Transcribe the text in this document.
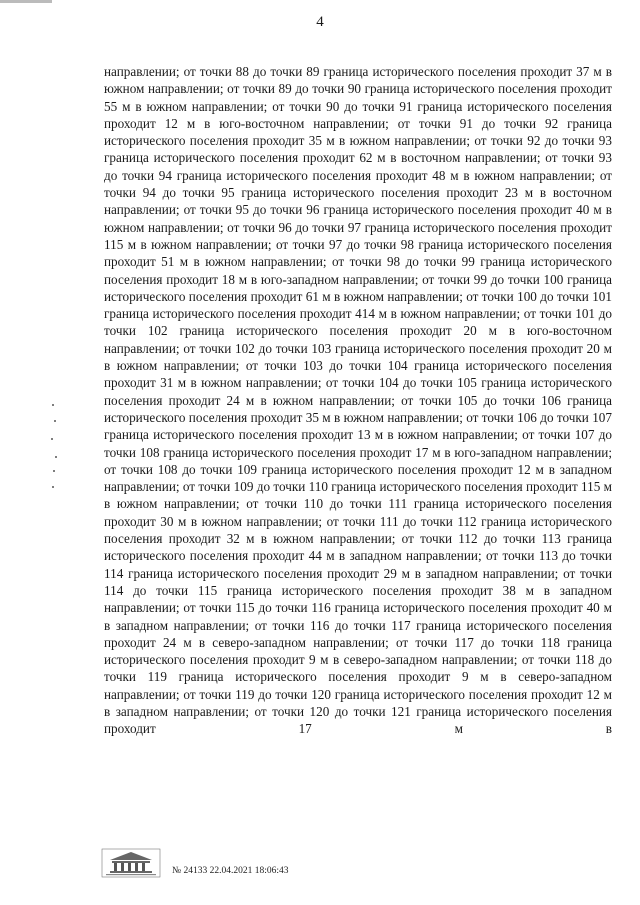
4

направлении; от точки 88 до точки 89 граница исторического поселения проходит 37 м в южном направлении; от точки 89 до точки 90 граница исторического поселения проходит 55 м в южном направлении; от точки 90 до точки 91 граница исторического поселения проходит 12 м в юго-восточном направлении; от точки 91 до точки 92 граница исторического поселения проходит 35 м в южном направлении; от точки 92 до точки 93 граница исторического поселения проходит 62 м в восточном направлении; от точки 93 до точки 94 граница исторического поселения проходит 48 м в южном направлении; от точки 94 до точки 95 граница исторического поселения проходит 23 м в восточном направлении; от точки 95 до точки 96 граница исторического поселения проходит 40 м в южном направлении; от точки 96 до точки 97 граница исторического поселения проходит 115 м в южном направлении; от точки 97 до точки 98 граница исторического поселения проходит 51 м в южном направлении; от точки 98 до точки 99 граница исторического поселения проходит 18 м в юго-западном направлении; от точки 99 до точки 100 граница исторического поселения проходит 61 м в южном направлении; от точки 100 до точки 101 граница исторического поселения проходит 414 м в южном направлении; от точки 101 до точки 102 граница исторического поселения проходит 20 м в юго-восточном направлении; от точки 102 до точки 103 граница исторического поселения проходит 20 м в южном направлении; от точки 103 до точки 104 граница исторического поселения проходит 31 м в южном направлении; от точки 104 до точки 105 граница исторического поселения проходит 24 м в южном направлении; от точки 105 до точки 106 граница исторического поселения проходит 35 м в южном направлении; от точки 106 до точки 107 граница исторического поселения проходит 13 м в южном направлении; от точки 107 до точки 108 граница исторического поселения проходит 17 м в юго-западном направлении; от точки 108 до точки 109 граница исторического поселения проходит 12 м в западном направлении; от точки 109 до точки 110 граница исторического поселения проходит 115 м в южном направлении; от точки 110 до точки 111 граница исторического поселения проходит 30 м в южном направлении; от точки 111 до точки 112 граница исторического поселения проходит 32 м в южном направлении; от точки 112 до точки 113 граница исторического поселения проходит 44 м в западном направлении; от точки 113 до точки 114 граница исторического поселения проходит 29 м в западном направлении; от точки 114 до точки 115 граница исторического поселения проходит 38 м в западном направлении; от точки 115 до точки 116 граница исторического поселения проходит 40 м в западном направлении; от точки 116 до точки 117 граница исторического поселения проходит 24 м в северо-западном направлении; от точки 117 до точки 118 граница исторического поселения проходит 9 м в северо-западном направлении; от точки 118 до точки 119 граница исторического поселения проходит 9 м в северо-западном направлении; от точки 119 до точки 120 граница исторического поселения проходит 12 м в западном направлении; от точки 120 до точки 121 граница исторического поселения проходит 17 м в

№ 24133 22.04.2021 18:06:43
